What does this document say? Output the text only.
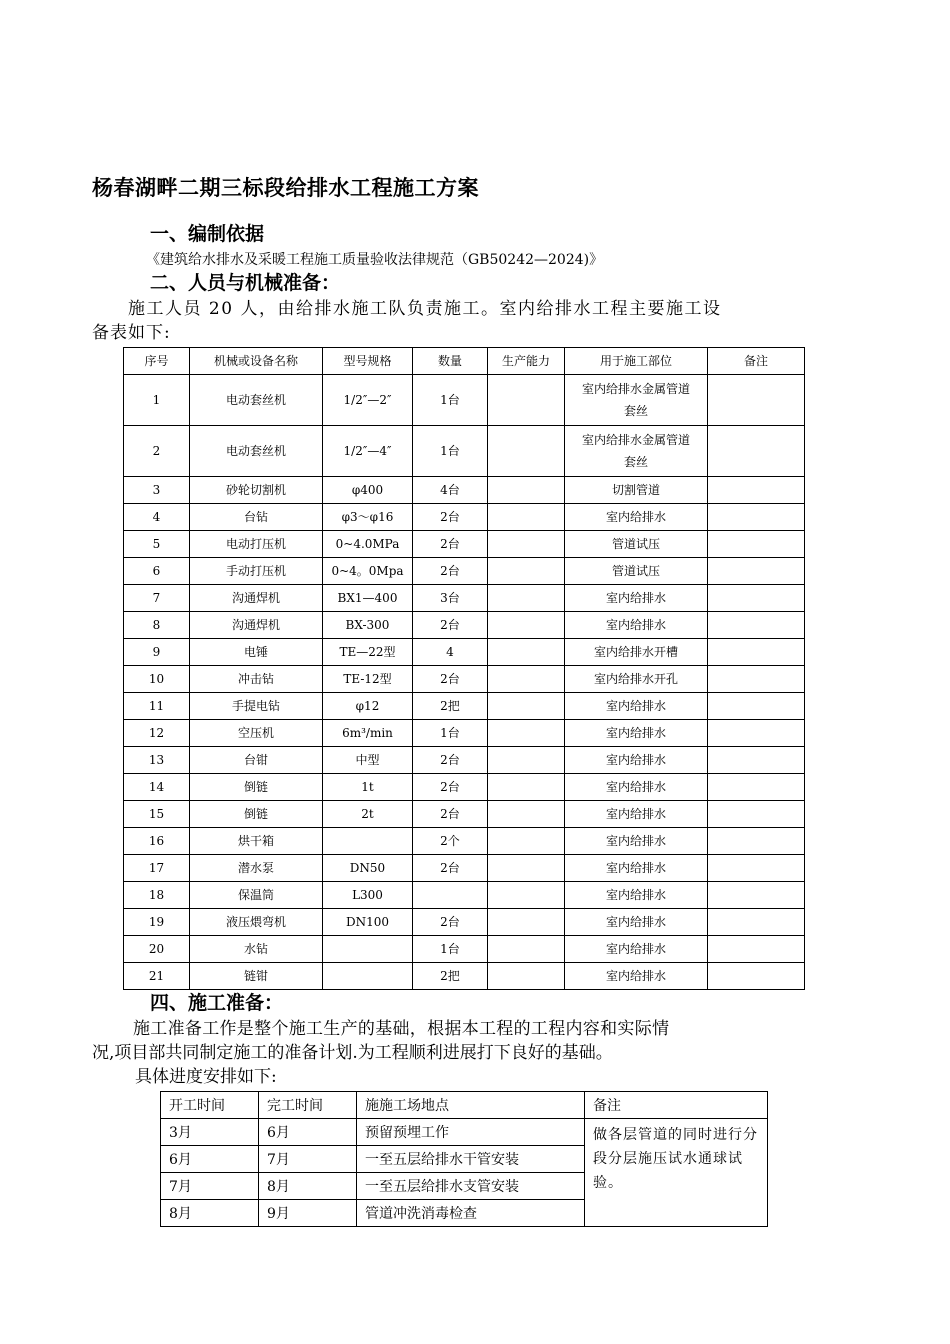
杨春湖畔二期三标段给排水工程施工方案
一、编制依据
《建筑给水排水及采暖工程施工质量验收法律规范（GB50242—2024)》
二、人员与机械准备：
施工人员 20 人，由给排水施工队负责施工。室内给排水工程主要施工设
备表如下:
序号	机械或设备名称	型号规格	数量	生产能力	用于施工部位	备注
1	电动套丝机	1/2″—2″	1台		室内给排水金属管道套丝	
2	电动套丝机	1/2″—4″	1台		室内给排水金属管道套丝	
3	砂轮切割机	φ400	4台		切割管道	
4	台钻	φ3～φ16	2台		室内给排水	
5	电动打压机	0~4.0MPa	2台		管道试压	
6	手动打压机	0~4。0Mpa	2台		管道试压	
7	沟通焊机	BX1—400	3台		室内给排水	
8	沟通焊机	BX-300	2台		室内给排水	
9	电锤	TE—22型	4		室内给排水开槽	
10	冲击钻	TE-12型	2台		室内给排水开孔	
11	手提电钻	φ12	2把		室内给排水	
12	空压机	6m³/min	1台		室内给排水	
13	台钳	中型	2台		室内给排水	
14	倒链	1t	2台		室内给排水	
15	倒链	2t	2台		室内给排水	
16	烘干箱		2个		室内给排水	
17	潜水泵	DN50	2台		室内给排水	
18	保温筒	L300			室内给排水	
19	液压煨弯机	DN100	2台		室内给排水	
20	水钻		1台		室内给排水	
21	链钳		2把		室内给排水	
四、施工准备：
施工准备工作是整个施工生产的基础，根据本工程的工程内容和实际情
况,项目部共同制定施工的准备计划.为工程顺利进展打下良好的基础。
具体进度安排如下:
开工时间	完工时间	施施工场地点	备注
3月	6月	预留预埋工作	做各层管道的同时进行分段分层施压试水通球试验。
6月	7月	一至五层给排水干管安装	
7月	8月	一至五层给排水支管安装	
8月	9月	管道冲洗消毒检查	
